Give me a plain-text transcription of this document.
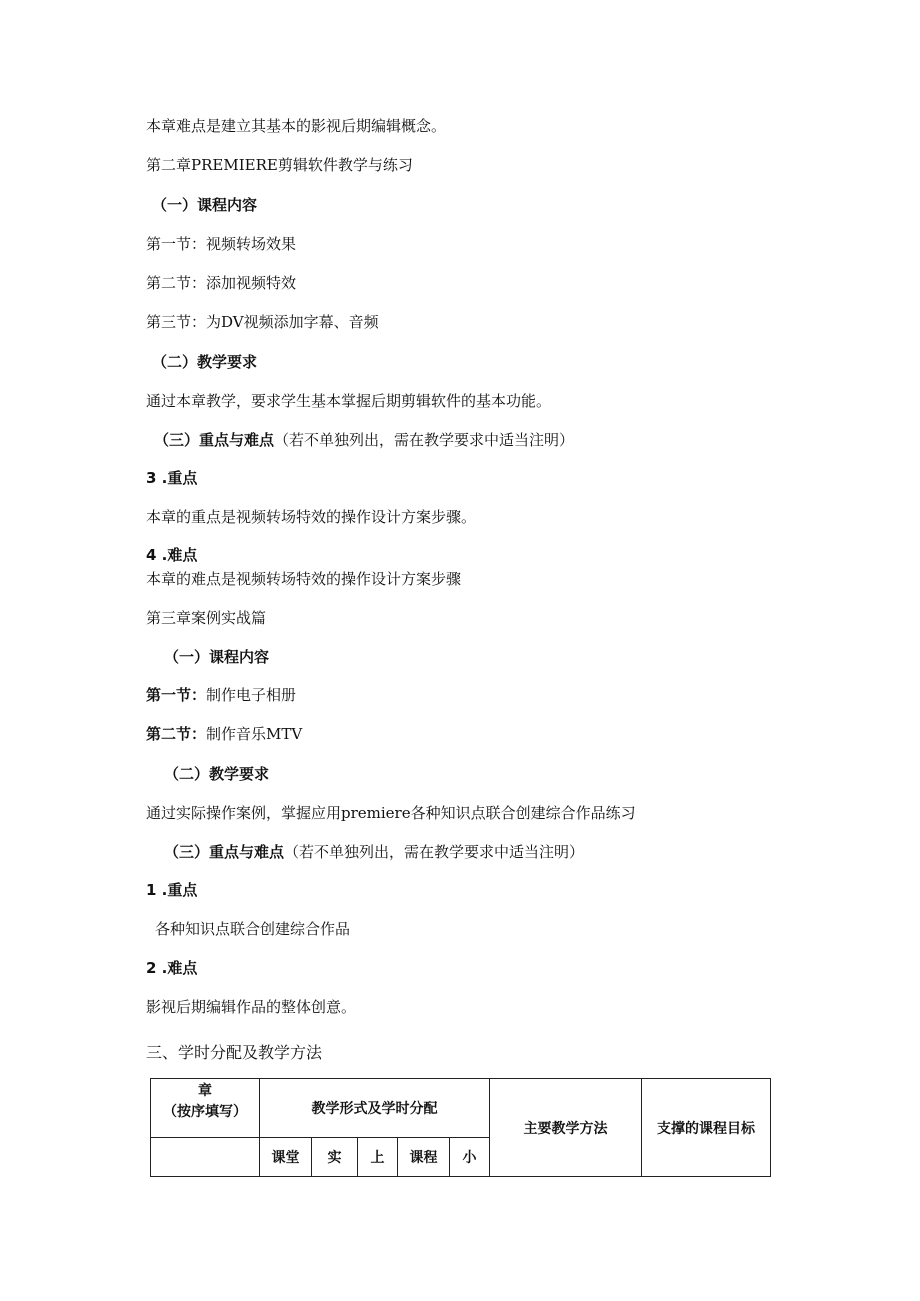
本章难点是建立其基本的影视后期编辑概念。
第二章PREMIERE剪辑软件教学与练习
（一）课程内容
第一节：视频转场效果
第二节：添加视频特效
第三节：为DV视频添加字幕、音频
（二）教学要求
通过本章教学，要求学生基本掌握后期剪辑软件的基本功能。
（三）重点与难点（若不单独列出，需在教学要求中适当注明）
3 .重点
本章的重点是视频转场特效的操作设计方案步骤。
4 .难点
本章的难点是视频转场特效的操作设计方案步骤
第三章案例实战篇
（一）课程内容
第一节：制作电子相册
第二节：制作音乐MTV
（二）教学要求
通过实际操作案例，掌握应用premiere各种知识点联合创建综合作品练习
（三）重点与难点（若不单独列出，需在教学要求中适当注明）
1 .重点
各种知识点联合创建综合作品
2 .难点
影视后期编辑作品的整体创意。
三、学时分配及教学方法
章
（按序填写）	教学形式及学时分配					主要教学方法	支撑的课程目标
	课堂	实	上	课程	小		
